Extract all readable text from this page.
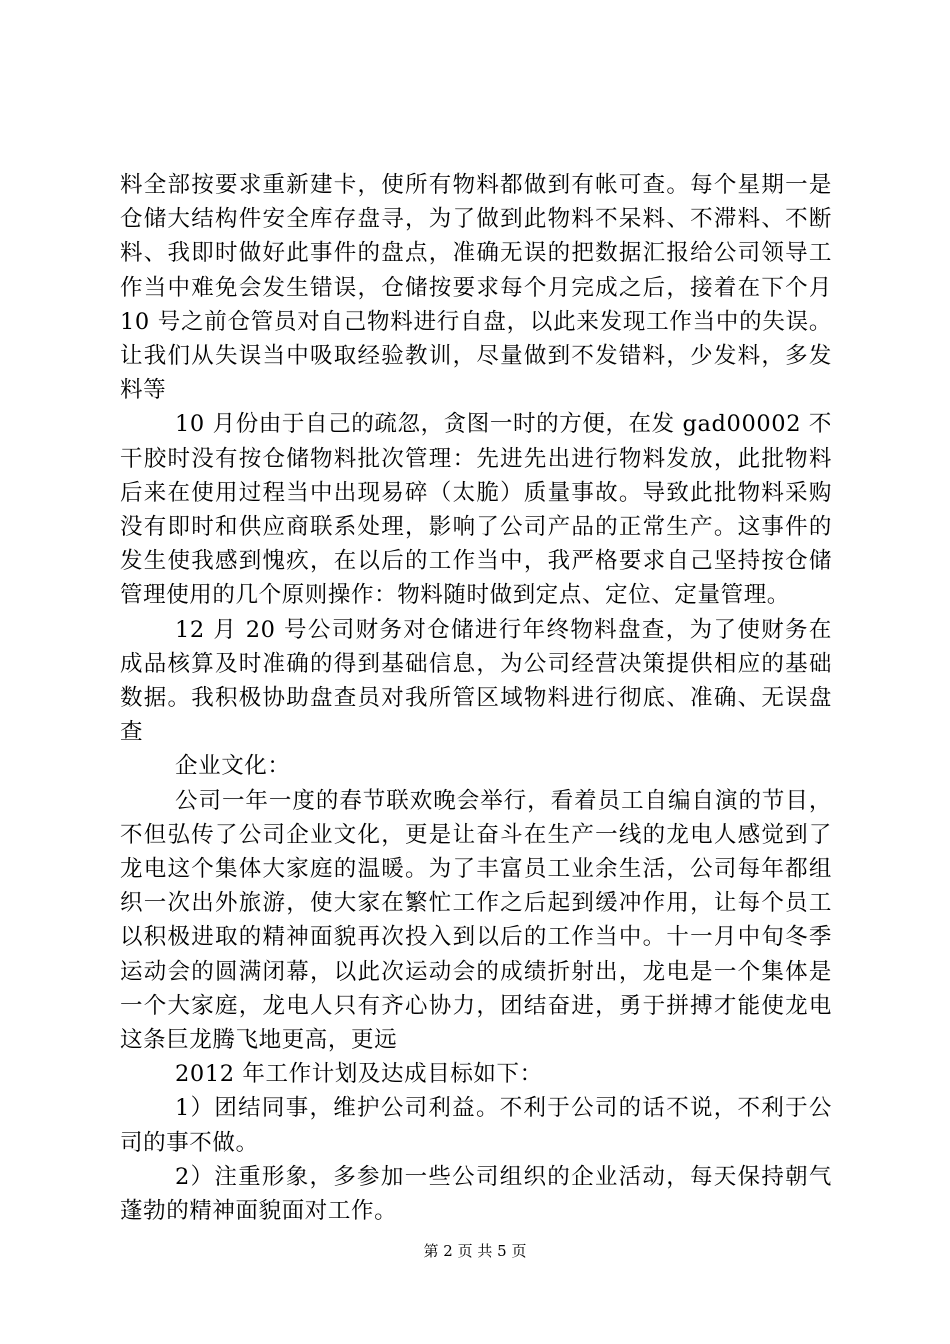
料全部按要求重新建卡，使所有物料都做到有帐可查。每个星期一是仓储大结构件安全库存盘寻，为了做到此物料不呆料、不滞料、不断料、我即时做好此事件的盘点，准确无误的把数据汇报给公司领导工作当中难免会发生错误，仓储按要求每个月完成之后，接着在下个月 10 号之前仓管员对自己物料进行自盘，以此来发现工作当中的失误。让我们从失误当中吸取经验教训，尽量做到不发错料，少发料，多发料等

10 月份由于自己的疏忽，贪图一时的方便，在发 gad00002 不干胶时没有按仓储物料批次管理：先进先出进行物料发放，此批物料后来在使用过程当中出现易碎（太脆）质量事故。导致此批物料采购没有即时和供应商联系处理，影响了公司产品的正常生产。这事件的发生使我感到愧疚，在以后的工作当中，我严格要求自己坚持按仓储管理使用的几个原则操作：物料随时做到定点、定位、定量管理。

12 月 20 号公司财务对仓储进行年终物料盘查，为了使财务在成品核算及时准确的得到基础信息，为公司经营决策提供相应的基础数据。我积极协助盘查员对我所管区域物料进行彻底、准确、无误盘查

企业文化：

公司一年一度的春节联欢晚会举行，看着员工自编自演的节目，不但弘传了公司企业文化，更是让奋斗在生产一线的龙电人感觉到了龙电这个集体大家庭的温暖。为了丰富员工业余生活，公司每年都组织一次出外旅游，使大家在繁忙工作之后起到缓冲作用，让每个员工以积极进取的精神面貌再次投入到以后的工作当中。十一月中旬冬季运动会的圆满闭幕，以此次运动会的成绩折射出，龙电是一个集体是一个大家庭，龙电人只有齐心协力，团结奋进，勇于拼搏才能使龙电这条巨龙腾飞地更高，更远

2012 年工作计划及达成目标如下：

1）团结同事，维护公司利益。不利于公司的话不说，不利于公司的事不做。

2）注重形象，多参加一些公司组织的企业活动，每天保持朝气蓬勃的精神面貌面对工作。

第 2 页 共 5 页
